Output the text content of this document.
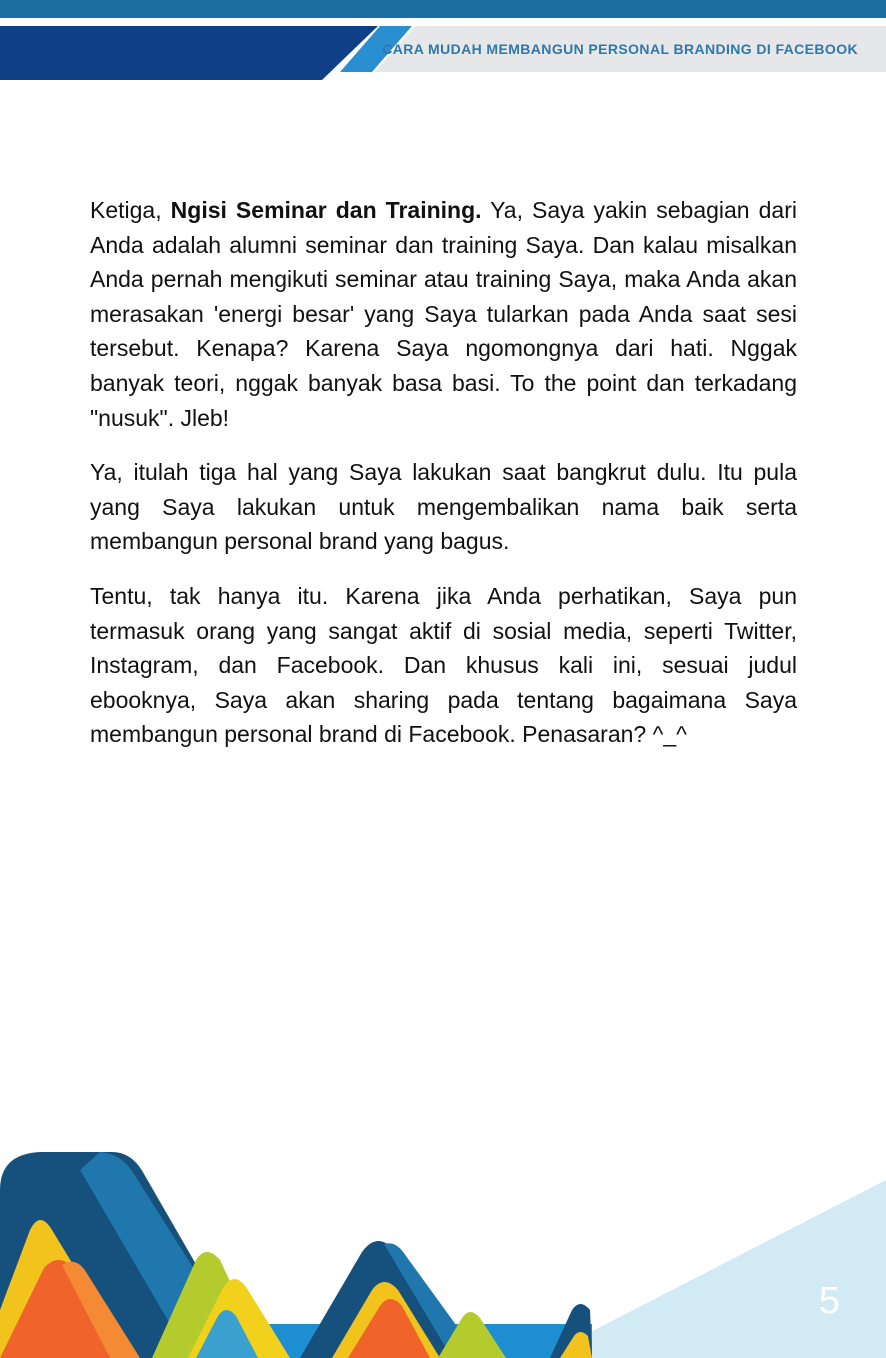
CARA MUDAH MEMBANGUN PERSONAL BRANDING DI FACEBOOK

Ketiga, Ngisi Seminar dan Training. Ya, Saya yakin sebagian dari Anda adalah alumni seminar dan training Saya. Dan kalau misalkan Anda pernah mengikuti seminar atau training Saya, maka Anda akan merasakan 'energi besar' yang Saya tularkan pada Anda saat sesi tersebut. Kenapa? Karena Saya ngomongnya dari hati. Nggak banyak teori, nggak banyak basa basi. To the point dan terkadang "nusuk". Jleb!

Ya, itulah tiga hal yang Saya lakukan saat bangkrut dulu. Itu pula yang Saya lakukan untuk mengembalikan nama baik serta membangun personal brand yang bagus.

Tentu, tak hanya itu. Karena jika Anda perhatikan, Saya pun termasuk orang yang sangat aktif di sosial media, seperti Twitter, Instagram, dan Facebook. Dan khusus kali ini, sesuai judul ebooknya, Saya akan sharing pada tentang bagaimana Saya membangun personal brand di Facebook. Penasaran? ^_^

5
